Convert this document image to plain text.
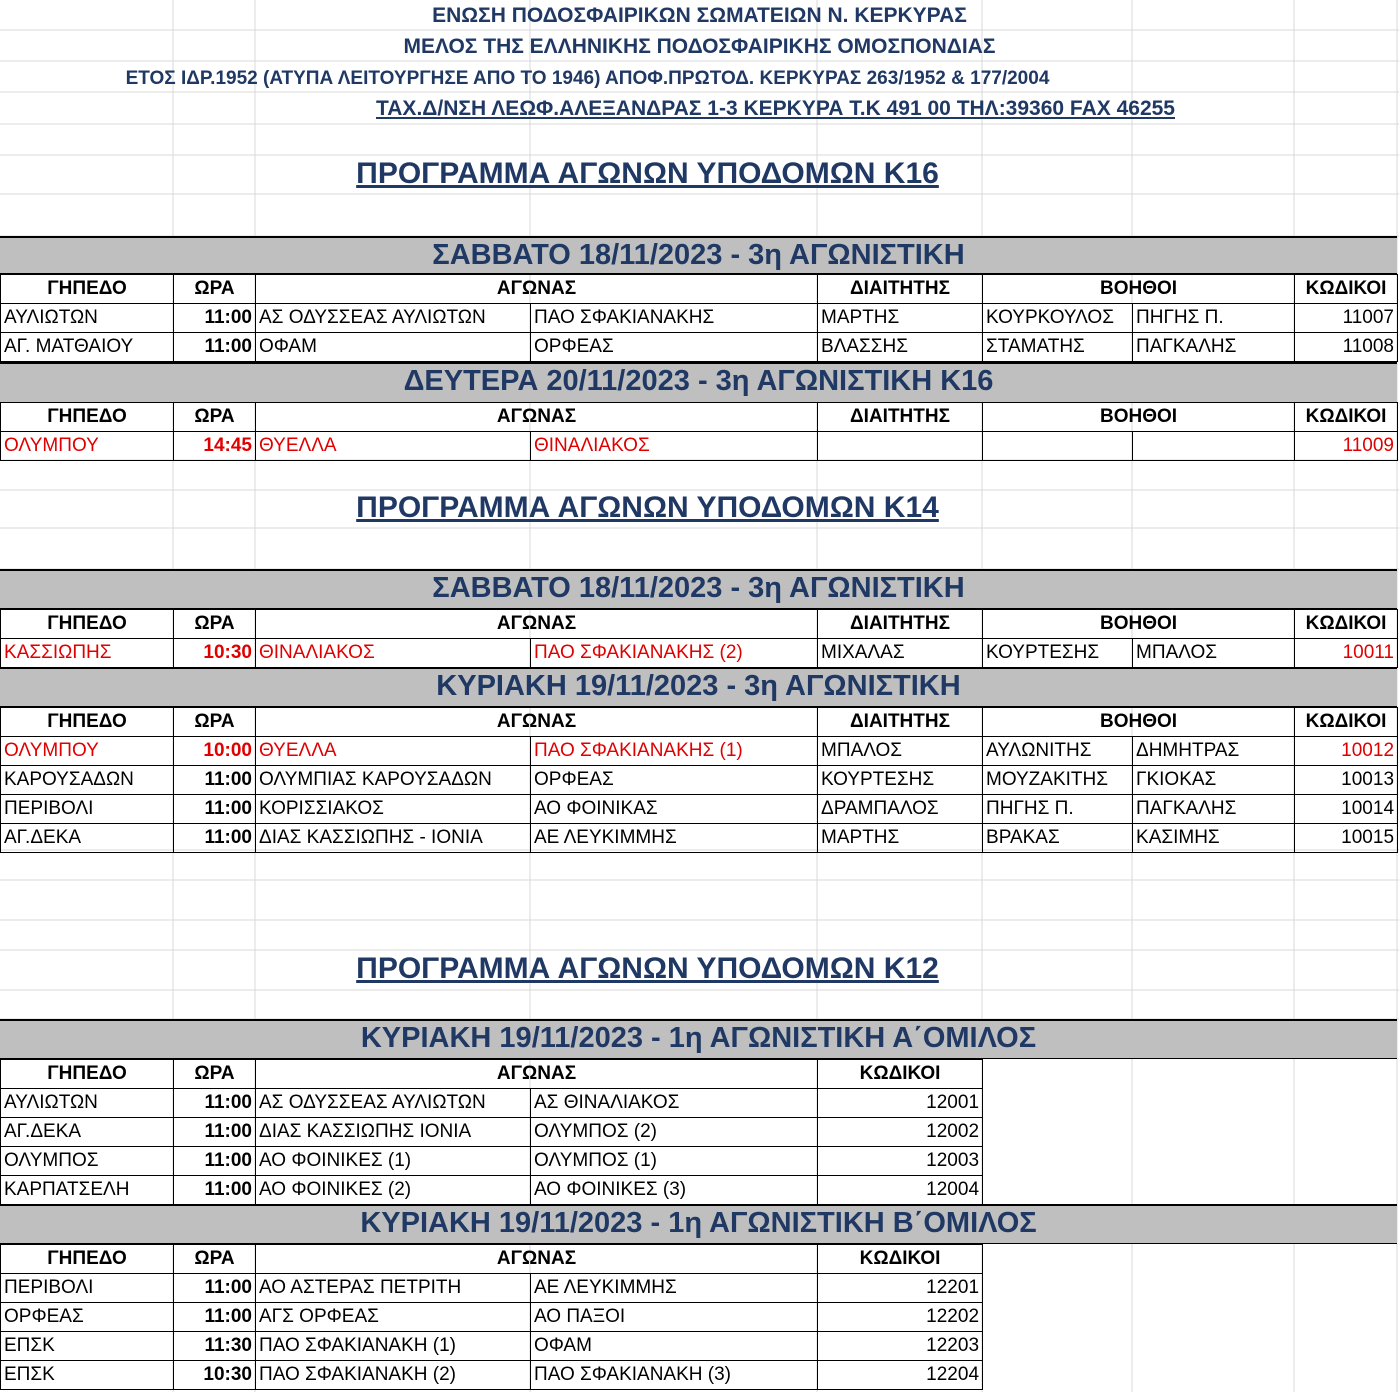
ΕΝΩΣΗ ΠΟΔΟΣΦΑΙΡΙΚΩΝ ΣΩΜΑΤΕΙΩΝ Ν. ΚΕΡΚΥΡΑΣ
ΜΕΛΟΣ ΤΗΣ ΕΛΛΗΝΙΚΗΣ ΠΟΔΟΣΦΑΙΡΙΚΗΣ ΟΜΟΣΠΟΝΔΙΑΣ
ΕΤΟΣ ΙΔΡ.1952 (ΑΤΥΠΑ ΛΕΙΤΟΥΡΓΗΣΕ ΑΠΟ ΤΟ 1946) ΑΠΟΦ.ΠΡΩΤΟΔ. ΚΕΡΚΥΡΑΣ 263/1952 & 177/2004
ΤΑΧ.Δ/ΝΣΗ ΛΕΩΦ.ΑΛΕΞΑΝΔΡΑΣ 1-3 ΚΕΡΚΥΡΑ Τ.Κ 491 00 ΤΗΛ:39360 FAX 46255
ΠΡΟΓΡΑΜΜΑ ΑΓΩΝΩΝ ΥΠΟΔΟΜΩΝ Κ16
ΣΑΒΒΑΤΟ 18/11/2023 - 3η ΑΓΩΝΙΣΤΙΚΗ
ΓΗΠΕΔΟ	ΩΡΑ	ΑΓΩΝΑΣ		ΔΙΑΙΤΗΤΗΣ	ΒΟΗΘΟΙ		ΚΩΔΙΚΟΙ
ΑΥΛΙΩΤΩΝ	11:00	ΑΣ ΟΔΥΣΣΕΑΣ ΑΥΛΙΩΤΩΝ	ΠΑΟ ΣΦΑΚΙΑΝΑΚΗΣ	ΜΑΡΤΗΣ	ΚΟΥΡΚΟΥΛΟΣ	ΠΗΓΗΣ Π.	11007
ΑΓ. ΜΑΤΘΑΙΟΥ	11:00	ΟΦΑΜ	ΟΡΦΕΑΣ	ΒΛΑΣΣΗΣ	ΣΤΑΜΑΤΗΣ	ΠΑΓΚΑΛΗΣ	11008
ΔΕΥΤΕΡΑ 20/11/2023 - 3η ΑΓΩΝΙΣΤΙΚΗ Κ16
ΓΗΠΕΔΟ	ΩΡΑ	ΑΓΩΝΑΣ		ΔΙΑΙΤΗΤΗΣ	ΒΟΗΘΟΙ		ΚΩΔΙΚΟΙ
ΟΛΥΜΠΟΥ	14:45	ΘΥΕΛΛΑ	ΘΙΝΑΛΙΑΚΟΣ				11009
ΠΡΟΓΡΑΜΜΑ ΑΓΩΝΩΝ ΥΠΟΔΟΜΩΝ Κ14
ΣΑΒΒΑΤΟ 18/11/2023 - 3η ΑΓΩΝΙΣΤΙΚΗ
ΓΗΠΕΔΟ	ΩΡΑ	ΑΓΩΝΑΣ		ΔΙΑΙΤΗΤΗΣ	ΒΟΗΘΟΙ		ΚΩΔΙΚΟΙ
ΚΑΣΣΙΩΠΗΣ	10:30	ΘΙΝΑΛΙΑΚΟΣ	ΠΑΟ ΣΦΑΚΙΑΝΑΚΗΣ (2)	ΜΙΧΑΛΑΣ	ΚΟΥΡΤΕΣΗΣ	ΜΠΑΛΟΣ	10011
ΚΥΡΙΑΚΗ 19/11/2023 - 3η ΑΓΩΝΙΣΤΙΚΗ
ΓΗΠΕΔΟ	ΩΡΑ	ΑΓΩΝΑΣ		ΔΙΑΙΤΗΤΗΣ	ΒΟΗΘΟΙ		ΚΩΔΙΚΟΙ
ΟΛΥΜΠΟΥ	10:00	ΘΥΕΛΛΑ	ΠΑΟ ΣΦΑΚΙΑΝΑΚΗΣ (1)	ΜΠΑΛΟΣ	ΑΥΛΩΝΙΤΗΣ	ΔΗΜΗΤΡΑΣ	10012
ΚΑΡΟΥΣΑΔΩΝ	11:00	ΟΛΥΜΠΙΑΣ ΚΑΡΟΥΣΑΔΩΝ	ΟΡΦΕΑΣ	ΚΟΥΡΤΕΣΗΣ	ΜΟΥΖΑΚΙΤΗΣ	ΓΚΙΟΚΑΣ	10013
ΠΕΡΙΒΟΛΙ	11:00	ΚΟΡΙΣΣΙΑΚΟΣ	ΑΟ ΦΟΙΝΙΚΑΣ	ΔΡΑΜΠΑΛΟΣ	ΠΗΓΗΣ Π.	ΠΑΓΚΑΛΗΣ	10014
ΑΓ.ΔΕΚΑ	11:00	ΔΙΑΣ ΚΑΣΣΙΩΠΗΣ - ΙΟΝΙΑ	ΑΕ ΛΕΥΚΙΜΜΗΣ	ΜΑΡΤΗΣ	ΒΡΑΚΑΣ	ΚΑΣΙΜΗΣ	10015
ΠΡΟΓΡΑΜΜΑ ΑΓΩΝΩΝ ΥΠΟΔΟΜΩΝ Κ12
ΚΥΡΙΑΚΗ 19/11/2023 - 1η ΑΓΩΝΙΣΤΙΚΗ Α΄ΟΜΙΛΟΣ
ΓΗΠΕΔΟ	ΩΡΑ	ΑΓΩΝΑΣ		ΚΩΔΙΚΟΙ
ΑΥΛΙΩΤΩΝ	11:00	ΑΣ ΟΔΥΣΣΕΑΣ ΑΥΛΙΩΤΩΝ	ΑΣ ΘΙΝΑΛΙΑΚΟΣ	12001
ΑΓ.ΔΕΚΑ	11:00	ΔΙΑΣ ΚΑΣΣΙΩΠΗΣ ΙΟΝΙΑ	ΟΛΥΜΠΟΣ (2)	12002
ΟΛΥΜΠΟΣ	11:00	ΑΟ ΦΟΙΝΙΚΕΣ (1)	ΟΛΥΜΠΟΣ (1)	12003
ΚΑΡΠΑΤΣΕΛΗ	11:00	ΑΟ ΦΟΙΝΙΚΕΣ (2)	ΑΟ ΦΟΙΝΙΚΕΣ (3)	12004
ΚΥΡΙΑΚΗ 19/11/2023 - 1η ΑΓΩΝΙΣΤΙΚΗ Β΄ΟΜΙΛΟΣ
ΓΗΠΕΔΟ	ΩΡΑ	ΑΓΩΝΑΣ		ΚΩΔΙΚΟΙ
ΠΕΡΙΒΟΛΙ	11:00	ΑΟ ΑΣΤΕΡΑΣ ΠΕΤΡΙΤΗ	ΑΕ ΛΕΥΚΙΜΜΗΣ	12201
ΟΡΦΕΑΣ	11:00	ΑΓΣ ΟΡΦΕΑΣ	ΑΟ ΠΑΞΟΙ	12202
ΕΠΣΚ	11:30	ΠΑΟ ΣΦΑΚΙΑΝΑΚΗ (1)	ΟΦΑΜ	12203
ΕΠΣΚ	10:30	ΠΑΟ ΣΦΑΚΙΑΝΑΚΗ (2)	ΠΑΟ ΣΦΑΚΙΑΝΑΚΗ (3)	12204
